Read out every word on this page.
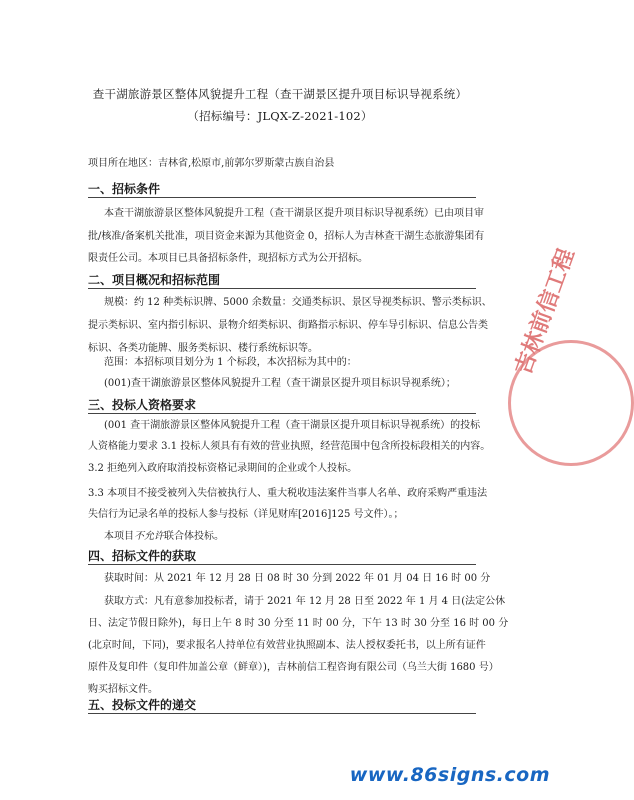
查干湖旅游景区整体风貌提升工程（查干湖景区提升项目标识导视系统）
（招标编号：JLQX-Z-2021-102）
项目所在地区：吉林省,松原市,前郭尔罗斯蒙古族自治县
一、招标条件
本查干湖旅游景区整体风貌提升工程（查干湖景区提升项目标识导视系统）已由项目审
批/核准/备案机关批准，项目资金来源为其他资金 0，招标人为吉林查干湖生态旅游集团有
限责任公司。本项目已具备招标条件，现招标方式为公开招标。
二、项目概况和招标范围
规模：约 12 种类标识牌、5000 余数量：交通类标识、景区导视类标识、警示类标识、
提示类标识、室内指引标识、景物介绍类标识、街路指示标识、停车导引标识、信息公告类
标识、各类功能牌、服务类标识、楼行系统标识等。
范围：本招标项目划分为 1 个标段，本次招标为其中的：
(001)查干湖旅游景区整体风貌提升工程（查干湖景区提升项目标识导视系统）；
三、投标人资格要求
(001 查干湖旅游景区整体风貌提升工程（查干湖景区提升项目标识导视系统）的投标
人资格能力要求 3.1 投标人须具有有效的营业执照，经营范围中包含所投标段相关的内容。
3.2 拒绝列入政府取消投标资格记录期间的企业或个人投标。
3.3 本项目不接受被列入失信被执行人、重大税收违法案件当事人名单、政府采购严重违法
失信行为记录名单的投标人参与投标（详见财库[2016]125 号文件）。；
本项目不允许联合体投标。
四、招标文件的获取
获取时间：从 2021 年 12 月 28 日 08 时 30 分到 2022 年 01 月 04 日 16 时 00 分
获取方式：凡有意参加投标者，请于 2021 年 12 月 28 日至 2022 年 1 月 4 日(法定公休
日、法定节假日除外)，每日上午 8 时 30 分至 11 时 00 分，下午 13 时 30 分至 16 时 00 分
(北京时间，下同)，要求报名人持单位有效营业执照副本、法人授权委托书，以上所有证件
原件及复印件（复印件加盖公章（鲜章）)，吉林前信工程咨询有限公司（乌兰大街 1680 号）
购买招标文件。
五、投标文件的递交
吉林前信工程
www.86signs.com
